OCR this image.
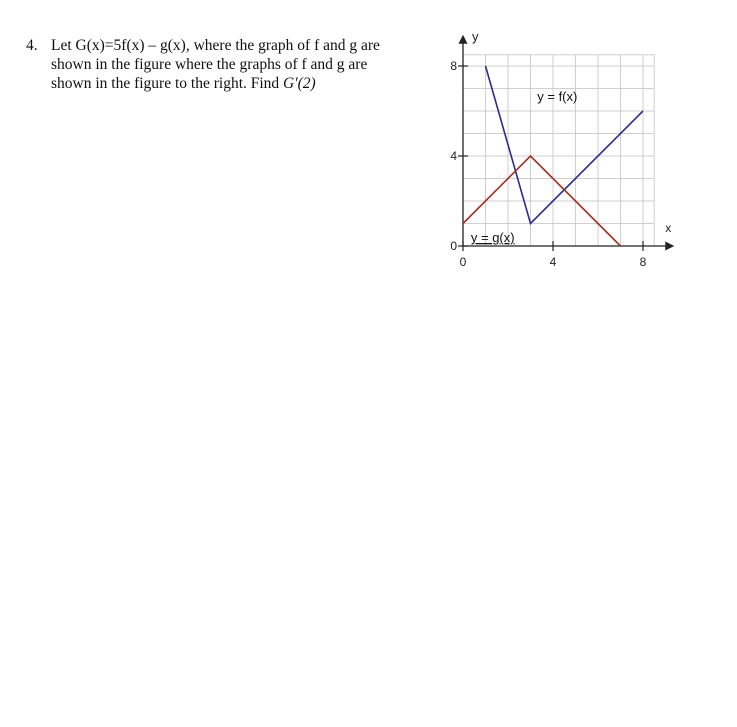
4. Let G(x)=5f(x) – g(x), where the graph of f and g are
shown in the figure where the graphs of f and g are
shown in the figure to the right. Find G′(2)
y
x
0	4	8
0
4
8
y = f(x)
y = g(x)
